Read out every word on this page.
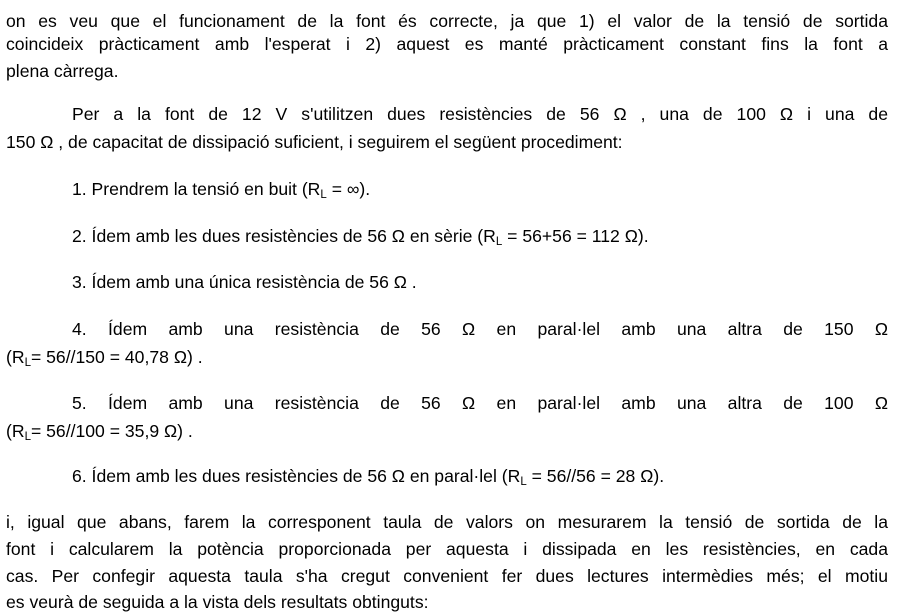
on es veu que el funcionament de la font és correcte, ja que 1) el valor de la tensió de sortida
coincideix pràcticament amb l'esperat i 2) aquest es manté pràcticament constant fins la font a
plena càrrega.
Per a la font de 12 V s'utilitzen dues resistències de 56 Ω , una de 100 Ω i una de
150 Ω , de capacitat de dissipació suficient, i seguirem el següent procediment:
1. Prendrem la tensió en buit ($R_L$ = ∞).
2. Ídem amb les dues resistències de 56 Ω en sèrie ($R_L = 56+56 = 112$ Ω).
3. Ídem amb una única resistència de 56 Ω .
4. Ídem amb una resistència de 56 Ω en paral·lel amb una altra de 150 Ω
($R_L= 56//150 = 40,78$ Ω) .
5. Ídem amb una resistència de 56 Ω en paral·lel amb una altra de 100 Ω
($R_L= 56//100 = 35,9$ Ω) .
6. Ídem amb les dues resistències de 56 Ω en paral·lel ($R_L = 56//56 = 28$ Ω).
i, igual que abans, farem la corresponent taula de valors on mesurarem la tensió de sortida de la
font i calcularem la potència proporcionada per aquesta i dissipada en les resistències, en cada
cas. Per confegir aquesta taula s'ha cregut convenient fer dues lectures intermèdies més; el motiu
es veurà de seguida a la vista dels resultats obtinguts:
